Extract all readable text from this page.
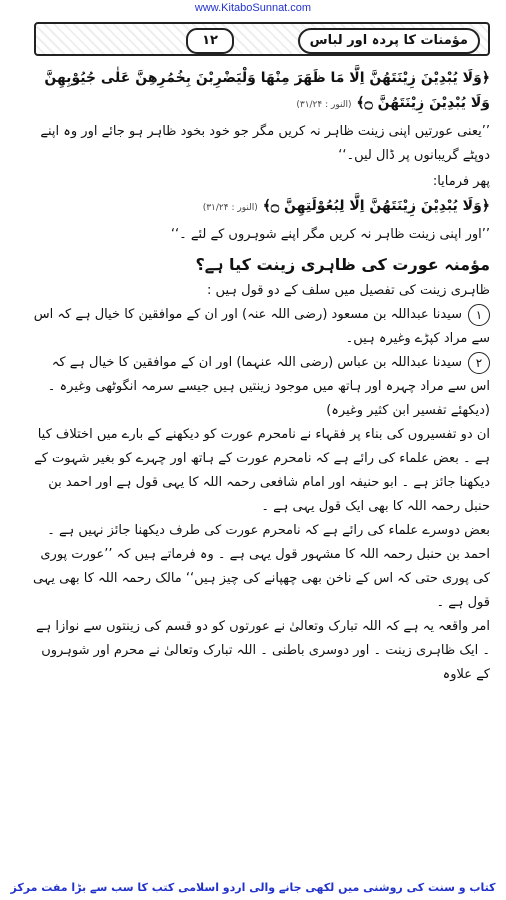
www.KitaboSunnat.com
۱۲	مؤمنات کا پردہ اور لباس

﴿وَلَا يُبْدِيْنَ زِيْنَتَهُنَّ اِلَّا مَا ظَهَرَ مِنْهَا وَلْيَضْرِبْنَ بِخُمُرِهِنَّ عَلٰى جُيُوْبِهِنَّ وَلَا يُبْدِيْنَ زِيْنَتَهُنَّ ۝﴾ (النور : ۳۱/۲۴)

’’یعنی عورتیں اپنی زینت ظاہر نہ کریں مگر جو خود بخود ظاہر ہو جائے اور وہ اپنے دوپٹے گریبانوں پر ڈال لیں۔‘‘

پھر فرمایا:

﴿وَلَا يُبْدِيْنَ زِيْنَتَهُنَّ اِلَّا لِبُعُوْلَتِهِنَّ ۝﴾ (النور : ۳۱/۲۴)

’’اور اپنی زینت ظاہر نہ کریں مگر اپنے شوہروں کے لئے ۔‘‘

مؤمنہ عورت کی ظاہری زینت کیا ہے؟

ظاہری زینت کی تفصیل میں سلف کے دو قول ہیں :

۱سیدنا عبداللہ بن مسعود (رضی اللہ عنہ) اور ان کے موافقین کا خیال ہے کہ اس سے مراد کپڑے وغیرہ ہیں۔

۲سیدنا عبداللہ بن عباس (رضی اللہ عنہما) اور ان کے موافقین کا خیال ہے کہ اس سے مراد چہرہ اور ہاتھ میں موجود زینتیں ہیں جیسے سرمہ انگوٹھی وغیرہ ۔ (دیکھئے تفسیر ابن کثیر وغیرہ)

ان دو تفسیروں کی بناء پر فقہاء نے نامحرم عورت کو دیکھنے کے بارے میں اختلاف کیا ہے ۔ بعض علماء کی رائے ہے کہ نامحرم عورت کے ہاتھ اور چہرے کو بغیر شہوت کے دیکھنا جائز ہے ۔ ابو حنیفہ اور امام شافعی رحمہ اللہ کا یہی قول ہے اور احمد بن حنبل رحمہ اللہ کا بھی ایک قول یہی ہے ۔

بعض دوسرے علماء کی رائے ہے کہ نامحرم عورت کی طرف دیکھنا جائز نہیں ہے ۔ احمد بن حنبل رحمہ اللہ کا مشہور قول یہی ہے ۔ وہ فرماتے ہیں کہ ’’عورت پوری کی پوری حتی کہ اس کے ناخن بھی چھپانے کی چیز ہیں‘‘ مالک رحمہ اللہ کا بھی یہی قول ہے ۔

امر واقعہ یہ ہے کہ اللہ تبارک وتعالیٰ نے عورتوں کو دو قسم کی زینتوں سے نوازا ہے ۔ ایک ظاہری زینت ۔ اور دوسری باطنی ۔ اللہ تبارک وتعالیٰ نے محرم اور شوہروں کے علاوہ

کتاب و سنت کی روشنی میں لکھی جانے والی اردو اسلامی کتب کا سب سے بڑا مفت مرکز
